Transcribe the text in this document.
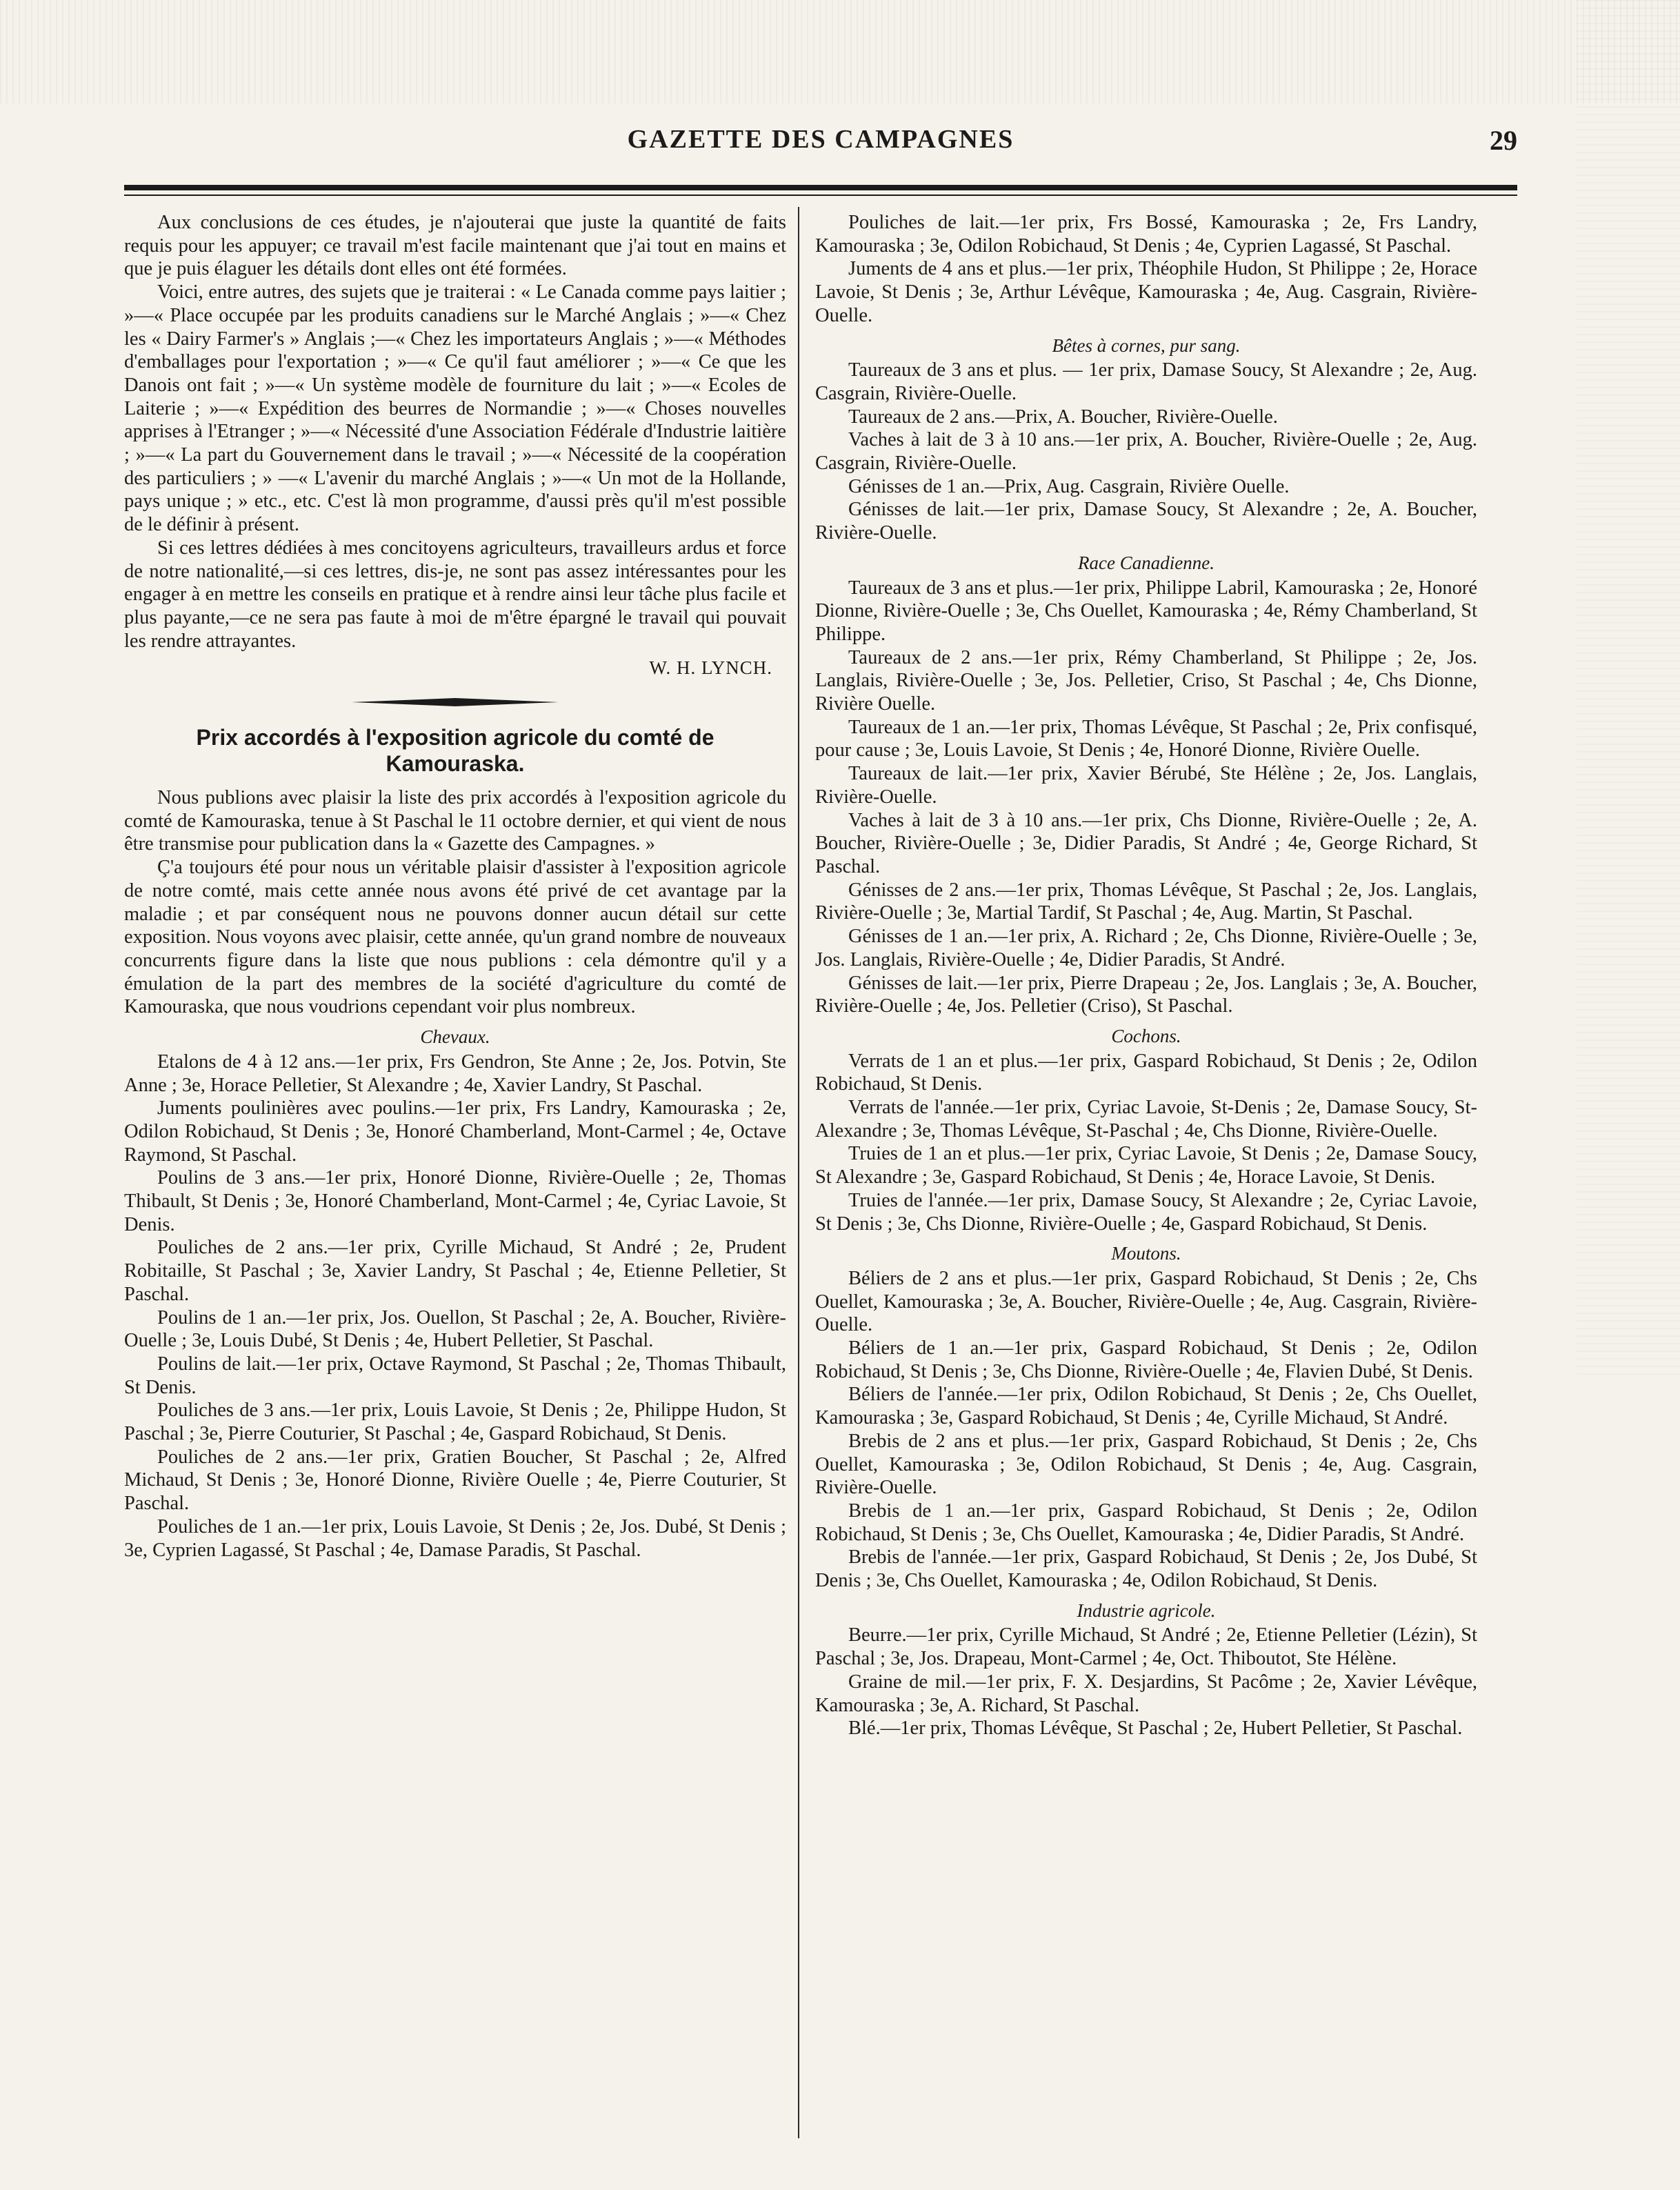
GAZETTE DES CAMPAGNES	29

Aux conclusions de ces études, je n'ajouterai que juste la quantité de faits requis pour les appuyer; ce travail m'est facile maintenant que j'ai tout en mains et que je puis élaguer les détails dont elles ont été formées.

Voici, entre autres, des sujets que je traiterai : « Le Canada comme pays laitier ; »—« Place occupée par les produits canadiens sur le Marché Anglais ; »—« Chez les « Dairy Farmer's » Anglais ;—« Chez les importateurs Anglais ; »—« Méthodes d'emballages pour l'exportation ; »—« Ce qu'il faut améliorer ; »—« Ce que les Danois ont fait ; »—« Un système modèle de fourniture du lait ; »—« Ecoles de Laiterie ; »—« Expédition des beurres de Normandie ; »—« Choses nouvelles apprises à l'Etranger ; »—« Nécessité d'une Association Fédérale d'Industrie laitière ; »—« La part du Gouvernement dans le travail ; »—« Nécessité de la coopération des particuliers ; » —« L'avenir du marché Anglais ; »—« Un mot de la Hollande, pays unique ; » etc., etc. C'est là mon programme, d'aussi près qu'il m'est possible de le définir à présent.

Si ces lettres dédiées à mes concitoyens agriculteurs, travailleurs ardus et force de notre nationalité,—si ces lettres, dis-je, ne sont pas assez intéressantes pour les engager à en mettre les conseils en pratique et à rendre ainsi leur tâche plus facile et plus payante,—ce ne sera pas faute à moi de m'être épargné le travail qui pouvait les rendre attrayantes.

W. H. LYNCH.
Prix accordés à l'exposition agricole du comté de Kamouraska.

Nous publions avec plaisir la liste des prix accordés à l'exposition agricole du comté de Kamouraska, tenue à St Paschal le 11 octobre dernier, et qui vient de nous être transmise pour publication dans la « Gazette des Campagnes. »

Ç'a toujours été pour nous un véritable plaisir d'assister à l'exposition agricole de notre comté, mais cette année nous avons été privé de cet avantage par la maladie ; et par conséquent nous ne pouvons donner aucun détail sur cette exposition. Nous voyons avec plaisir, cette année, qu'un grand nombre de nouveaux concurrents figure dans la liste que nous publions : cela démontre qu'il y a émulation de la part des membres de la société d'agriculture du comté de Kamouraska, que nous voudrions cependant voir plus nombreux.

Chevaux.

Etalons de 4 à 12 ans.—1er prix, Frs Gendron, Ste Anne ; 2e, Jos. Potvin, Ste Anne ; 3e, Horace Pelletier, St Alexandre ; 4e, Xavier Landry, St Paschal.

Juments poulinières avec poulins.—1er prix, Frs Landry, Kamouraska ; 2e, Odilon Robichaud, St Denis ; 3e, Honoré Chamberland, Mont-Carmel ; 4e, Octave Raymond, St Paschal.

Poulins de 3 ans.—1er prix, Honoré Dionne, Rivière-Ouelle ; 2e, Thomas Thibault, St Denis ; 3e, Honoré Chamberland, Mont-Carmel ; 4e, Cyriac Lavoie, St Denis.

Pouliches de 2 ans.—1er prix, Cyrille Michaud, St André ; 2e, Prudent Robitaille, St Paschal ; 3e, Xavier Landry, St Paschal ; 4e, Etienne Pelletier, St Paschal.

Poulins de 1 an.—1er prix, Jos. Ouellon, St Paschal ; 2e, A. Boucher, Rivière-Ouelle ; 3e, Louis Dubé, St Denis ; 4e, Hubert Pelletier, St Paschal.

Poulins de lait.—1er prix, Octave Raymond, St Paschal ; 2e, Thomas Thibault, St Denis.

Pouliches de 3 ans.—1er prix, Louis Lavoie, St Denis ; 2e, Philippe Hudon, St Paschal ; 3e, Pierre Couturier, St Paschal ; 4e, Gaspard Robichaud, St Denis.

Pouliches de 2 ans.—1er prix, Gratien Boucher, St Paschal ; 2e, Alfred Michaud, St Denis ; 3e, Honoré Dionne, Rivière Ouelle ; 4e, Pierre Couturier, St Paschal.

Pouliches de 1 an.—1er prix, Louis Lavoie, St Denis ; 2e, Jos. Dubé, St Denis ; 3e, Cyprien Lagassé, St Paschal ; 4e, Damase Paradis, St Paschal.

Pouliches de lait.—1er prix, Frs Bossé, Kamouraska ; 2e, Frs Landry, Kamouraska ; 3e, Odilon Robichaud, St Denis ; 4e, Cyprien Lagassé, St Paschal.

Juments de 4 ans et plus.—1er prix, Théophile Hudon, St Philippe ; 2e, Horace Lavoie, St Denis ; 3e, Arthur Lévêque, Kamouraska ; 4e, Aug. Casgrain, Rivière-Ouelle.

Bêtes à cornes, pur sang.

Taureaux de 3 ans et plus. — 1er prix, Damase Soucy, St Alexandre ; 2e, Aug. Casgrain, Rivière-Ouelle.

Taureaux de 2 ans.—Prix, A. Boucher, Rivière-Ouelle.

Vaches à lait de 3 à 10 ans.—1er prix, A. Boucher, Rivière-Ouelle ; 2e, Aug. Casgrain, Rivière-Ouelle.

Génisses de 1 an.—Prix, Aug. Casgrain, Rivière Ouelle.

Génisses de lait.—1er prix, Damase Soucy, St Alexandre ; 2e, A. Boucher, Rivière-Ouelle.

Race Canadienne.

Taureaux de 3 ans et plus.—1er prix, Philippe Labril, Kamouraska ; 2e, Honoré Dionne, Rivière-Ouelle ; 3e, Chs Ouellet, Kamouraska ; 4e, Rémy Chamberland, St Philippe.

Taureaux de 2 ans.—1er prix, Rémy Chamberland, St Philippe ; 2e, Jos. Langlais, Rivière-Ouelle ; 3e, Jos. Pelletier, Criso, St Paschal ; 4e, Chs Dionne, Rivière Ouelle.

Taureaux de 1 an.—1er prix, Thomas Lévêque, St Paschal ; 2e, Prix confisqué, pour cause ; 3e, Louis Lavoie, St Denis ; 4e, Honoré Dionne, Rivière Ouelle.

Taureaux de lait.—1er prix, Xavier Bérubé, Ste Hélène ; 2e, Jos. Langlais, Rivière-Ouelle.

Vaches à lait de 3 à 10 ans.—1er prix, Chs Dionne, Rivière-Ouelle ; 2e, A. Boucher, Rivière-Ouelle ; 3e, Didier Paradis, St André ; 4e, George Richard, St Paschal.

Génisses de 2 ans.—1er prix, Thomas Lévêque, St Paschal ; 2e, Jos. Langlais, Rivière-Ouelle ; 3e, Martial Tardif, St Paschal ; 4e, Aug. Martin, St Paschal.

Génisses de 1 an.—1er prix, A. Richard ; 2e, Chs Dionne, Rivière-Ouelle ; 3e, Jos. Langlais, Rivière-Ouelle ; 4e, Didier Paradis, St André.

Génisses de lait.—1er prix, Pierre Drapeau ; 2e, Jos. Langlais ; 3e, A. Boucher, Rivière-Ouelle ; 4e, Jos. Pelletier (Criso), St Paschal.

Cochons.

Verrats de 1 an et plus.—1er prix, Gaspard Robichaud, St Denis ; 2e, Odilon Robichaud, St Denis.

Verrats de l'année.—1er prix, Cyriac Lavoie, St-Denis ; 2e, Damase Soucy, St-Alexandre ; 3e, Thomas Lévêque, St-Paschal ; 4e, Chs Dionne, Rivière-Ouelle.

Truies de 1 an et plus.—1er prix, Cyriac Lavoie, St Denis ; 2e, Damase Soucy, St Alexandre ; 3e, Gaspard Robichaud, St Denis ; 4e, Horace Lavoie, St Denis.

Truies de l'année.—1er prix, Damase Soucy, St Alexandre ; 2e, Cyriac Lavoie, St Denis ; 3e, Chs Dionne, Rivière-Ouelle ; 4e, Gaspard Robichaud, St Denis.

Moutons.

Béliers de 2 ans et plus.—1er prix, Gaspard Robichaud, St Denis ; 2e, Chs Ouellet, Kamouraska ; 3e, A. Boucher, Rivière-Ouelle ; 4e, Aug. Casgrain, Rivière-Ouelle.

Béliers de 1 an.—1er prix, Gaspard Robichaud, St Denis ; 2e, Odilon Robichaud, St Denis ; 3e, Chs Dionne, Rivière-Ouelle ; 4e, Flavien Dubé, St Denis.

Béliers de l'année.—1er prix, Odilon Robichaud, St Denis ; 2e, Chs Ouellet, Kamouraska ; 3e, Gaspard Robichaud, St Denis ; 4e, Cyrille Michaud, St André.

Brebis de 2 ans et plus.—1er prix, Gaspard Robichaud, St Denis ; 2e, Chs Ouellet, Kamouraska ; 3e, Odilon Robichaud, St Denis ; 4e, Aug. Casgrain, Rivière-Ouelle.

Brebis de 1 an.—1er prix, Gaspard Robichaud, St Denis ; 2e, Odilon Robichaud, St Denis ; 3e, Chs Ouellet, Kamouraska ; 4e, Didier Paradis, St André.

Brebis de l'année.—1er prix, Gaspard Robichaud, St Denis ; 2e, Jos Dubé, St Denis ; 3e, Chs Ouellet, Kamouraska ; 4e, Odilon Robichaud, St Denis.

Industrie agricole.

Beurre.—1er prix, Cyrille Michaud, St André ; 2e, Etienne Pelletier (Lézin), St Paschal ; 3e, Jos. Drapeau, Mont-Carmel ; 4e, Oct. Thiboutot, Ste Hélène.

Graine de mil.—1er prix, F. X. Desjardins, St Pacôme ; 2e, Xavier Lévêque, Kamouraska ; 3e, A. Richard, St Paschal.

Blé.—1er prix, Thomas Lévêque, St Paschal ; 2e, Hubert Pelletier, St Paschal.
